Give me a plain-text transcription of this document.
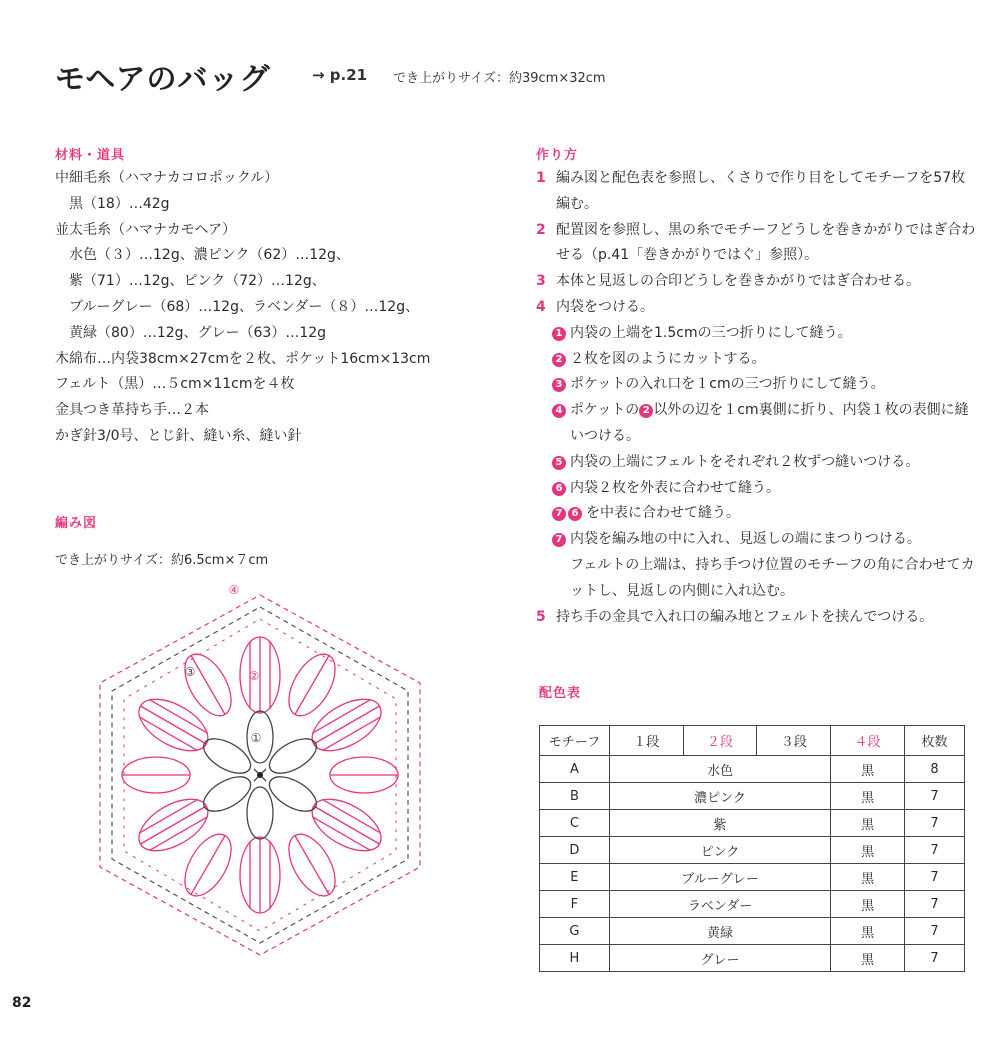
モヘアのバッグ	→ p.21 でき上がりサイズ：約39cm×32cm
材料・道具
中細毛糸（ハマナカコロポックル）
黒（18）…42g
並太毛糸（ハマナカモヘア）
水色（３）…12g、濃ピンク（62）…12g、
紫（71）…12g、ピンク（72）…12g、
ブルーグレー（68）…12g、ラベンダー（８）…12g、
黄緑（80）…12g、グレー（63）…12g
木綿布…内袋38cm×27cmを２枚、ポケット16cm×13cm
フェルト（黒）…５cm×11cmを４枚
金具つき革持ち手…２本
かぎ針3/0号、とじ針、縫い糸、縫い針
編み図
でき上がりサイズ：約6.5cm×７cm
①
②
③
④
作り方
1 編み図と配色表を参照し、くさりで作り目をしてモチーフを57枚編む。
2 配置図を参照し、黒の糸でモチーフどうしを巻きかがりではぎ合わせる（p.41「巻きかがりではぐ」参照）。
3 本体と見返しの合印どうしを巻きかがりではぎ合わせる。
4 内袋をつける。
1 内袋の上端を1.5cmの三つ折りにして縫う。
2 ２枚を図のようにカットする。
3 ポケットの入れ口を１cmの三つ折りにして縫う。
4 ポケットの 2 以外の辺を１cm裏側に折り、内袋１枚の表側に縫いつける。
5 内袋の上端にフェルトをそれぞれ２枚ずつ縫いつける。
6 内袋２枚を外表に合わせて縫う。
7 6 を中表に合わせて縫う。
7 内袋を編み地の中に入れ、見返しの端にまつりつける。
フェルトの上端は、持ち手つけ位置のモチーフの角に合わせてカットし、見返しの内側に入れ込む。
5 持ち手の金具で入れ口の編み地とフェルトを挟んでつける。
配色表
モチーフ	１段	２段	３段	４段	枚数
A	水色			黒	8
B	濃ピンク			黒	7
C	紫			黒	7
D	ピンク			黒	7
E	ブルーグレー			黒	7
F	ラベンダー			黒	7
G	黄緑			黒	7
H	グレー			黒	7
82
